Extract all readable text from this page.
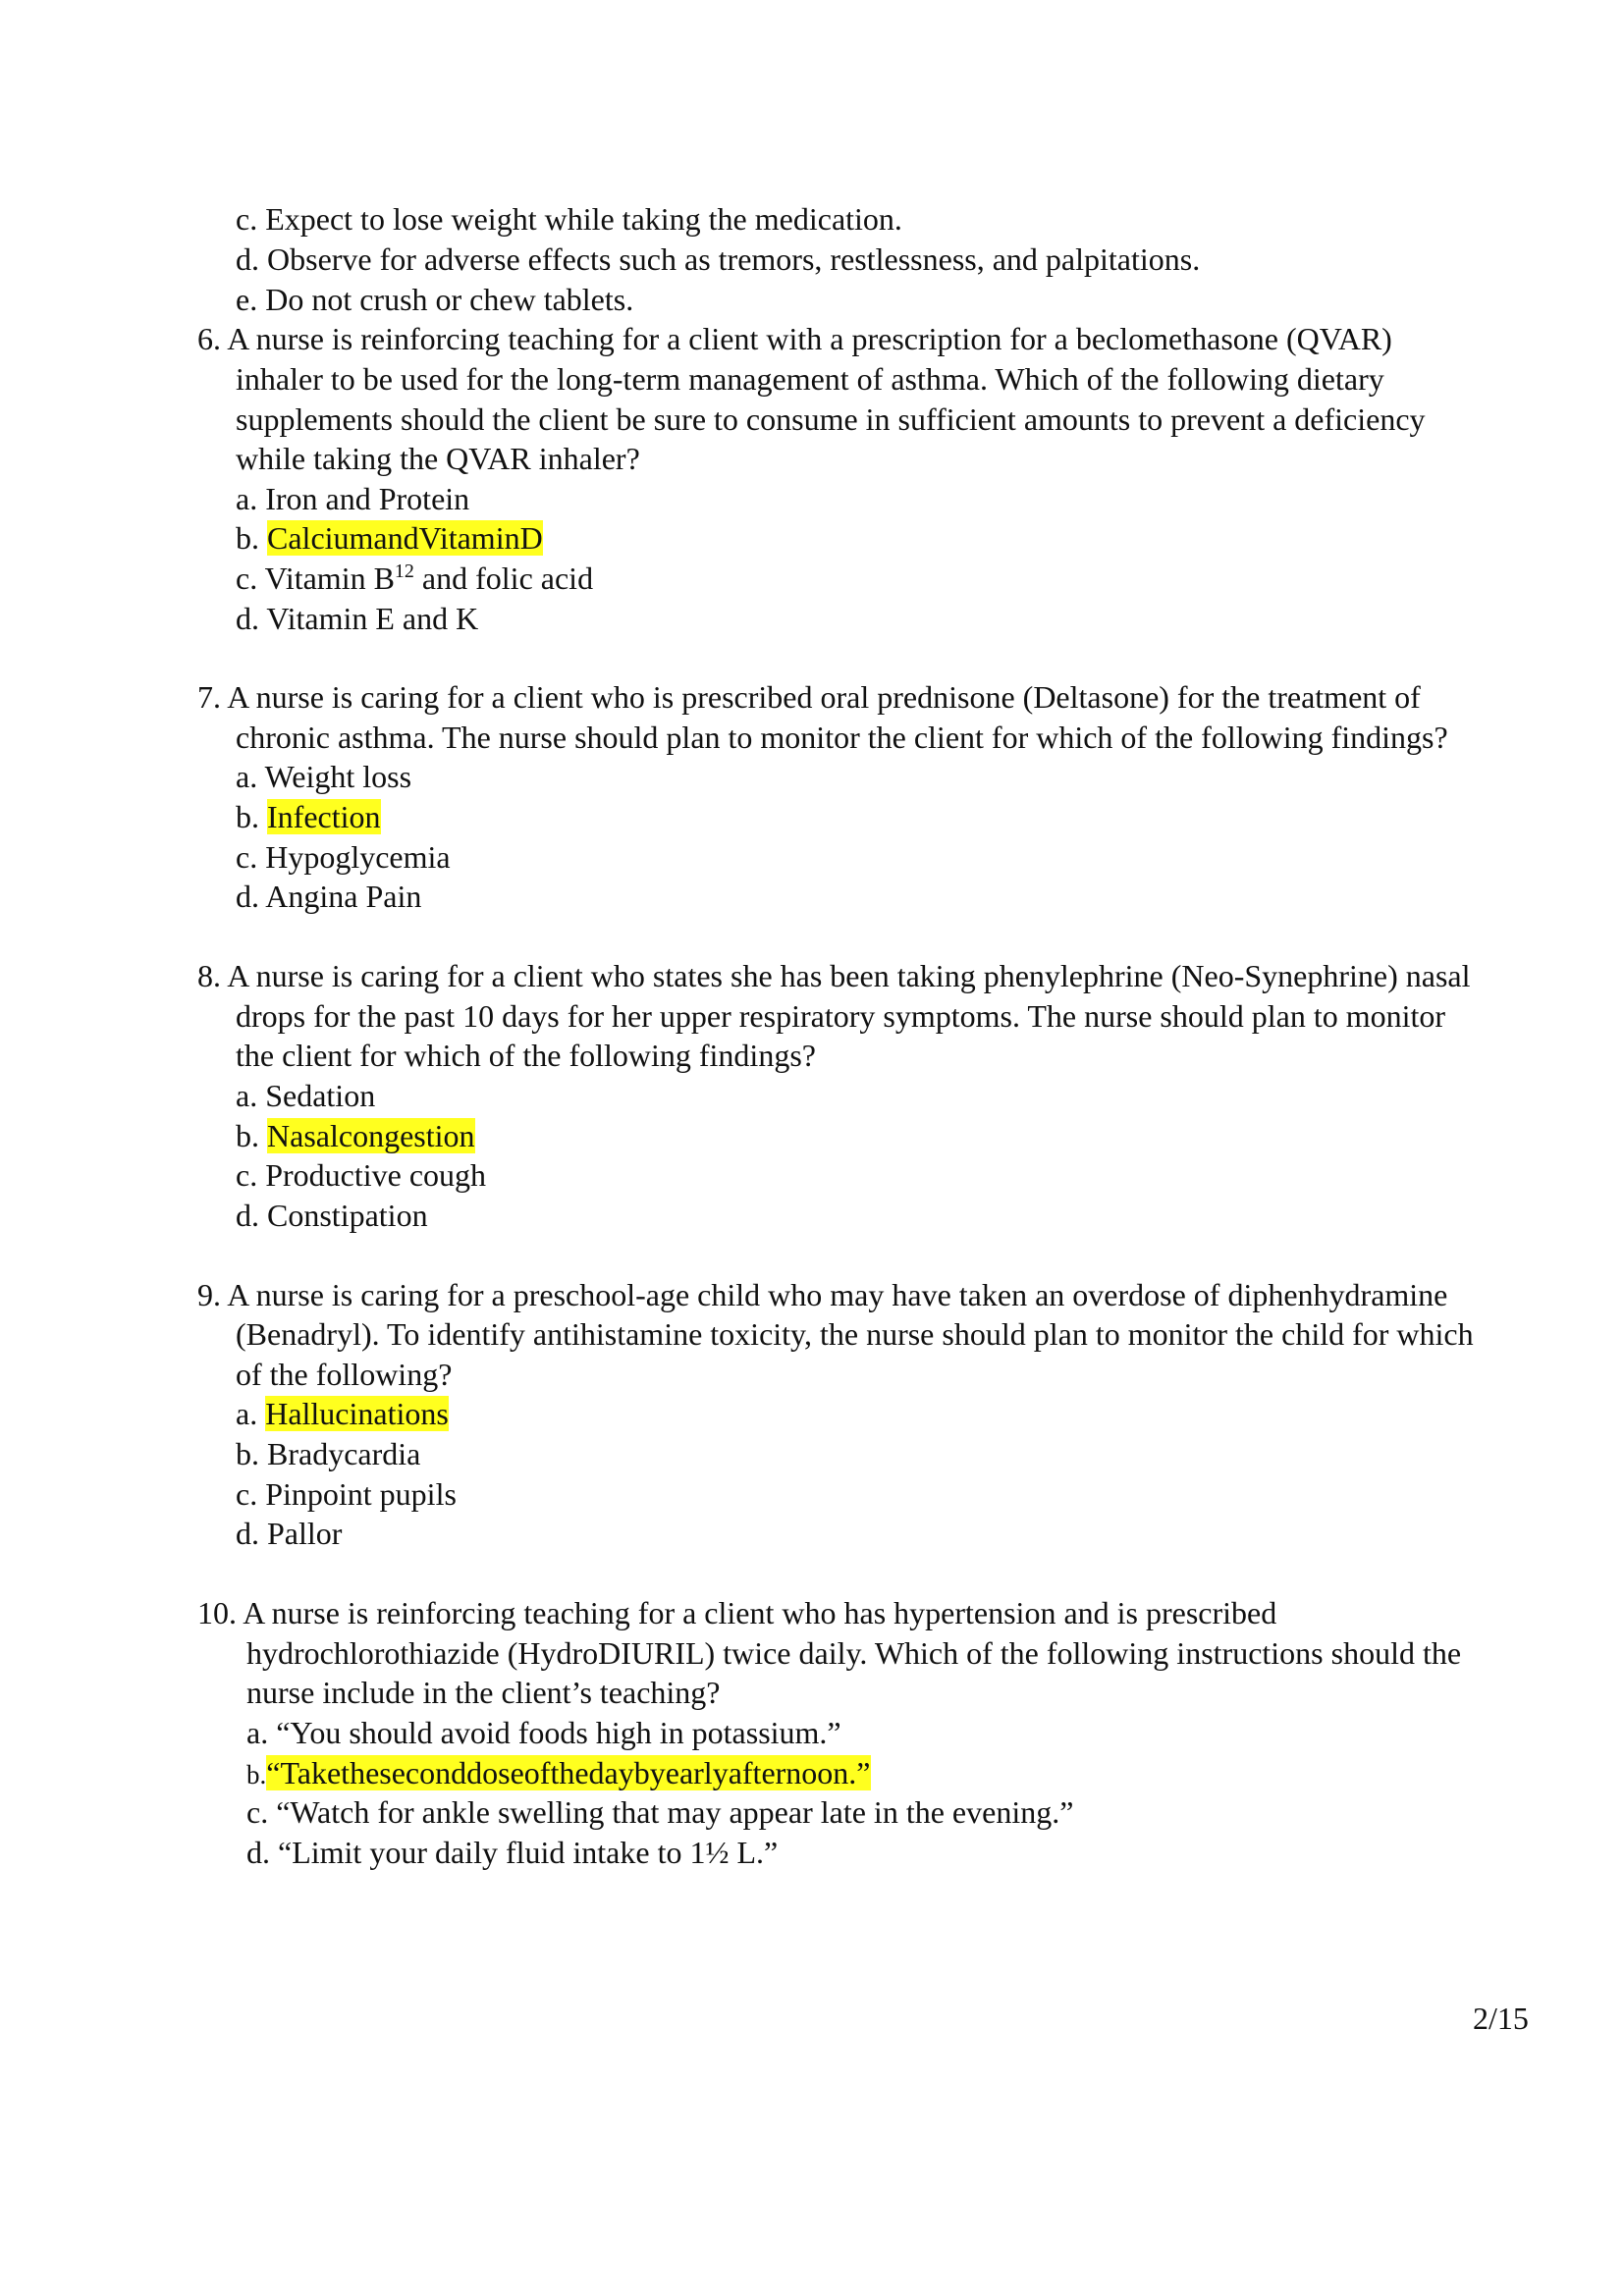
c. Expect to lose weight while taking the medication.
d. Observe for adverse effects such as tremors, restlessness, and palpitations.
e. Do not crush or chew tablets.
6. A nurse is reinforcing teaching for a client with a prescription for a beclomethasone (QVAR)
inhaler to be used for the long-term management of asthma. Which of the following dietary
supplements should the client be sure to consume in sufficient amounts to prevent a deficiency
while taking the QVAR inhaler?
a. Iron and Protein
b. CalciumandVitaminD
c. Vitamin $B^{12}$ and folic acid
d. Vitamin E and K
7. A nurse is caring for a client who is prescribed oral prednisone (Deltasone) for the treatment of
chronic asthma. The nurse should plan to monitor the client for which of the following findings?
a. Weight loss
b. Infection
c. Hypoglycemia
d. Angina Pain
8. A nurse is caring for a client who states she has been taking phenylephrine (Neo-Synephrine) nasal
drops for the past 10 days for her upper respiratory symptoms. The nurse should plan to monitor
the client for which of the following findings?
a. Sedation
b. Nasalcongestion
c. Productive cough
d. Constipation
9. A nurse is caring for a preschool-age child who may have taken an overdose of diphenhydramine
(Benadryl). To identify antihistamine toxicity, the nurse should plan to monitor the child for which
of the following?
a. Hallucinations
b. Bradycardia
c. Pinpoint pupils
d. Pallor
10. A nurse is reinforcing teaching for a client who has hypertension and is prescribed
hydrochlorothiazide (HydroDIURIL) twice daily. Which of the following instructions should the
nurse include in the client’s teaching?
a. “You should avoid foods high in potassium.”
b.“Taketheseconddoseofthedaybyearlyafternoon.”
c. “Watch for ankle swelling that may appear late in the evening.”
d. “Limit your daily fluid intake to 1½ L.”
2/15
